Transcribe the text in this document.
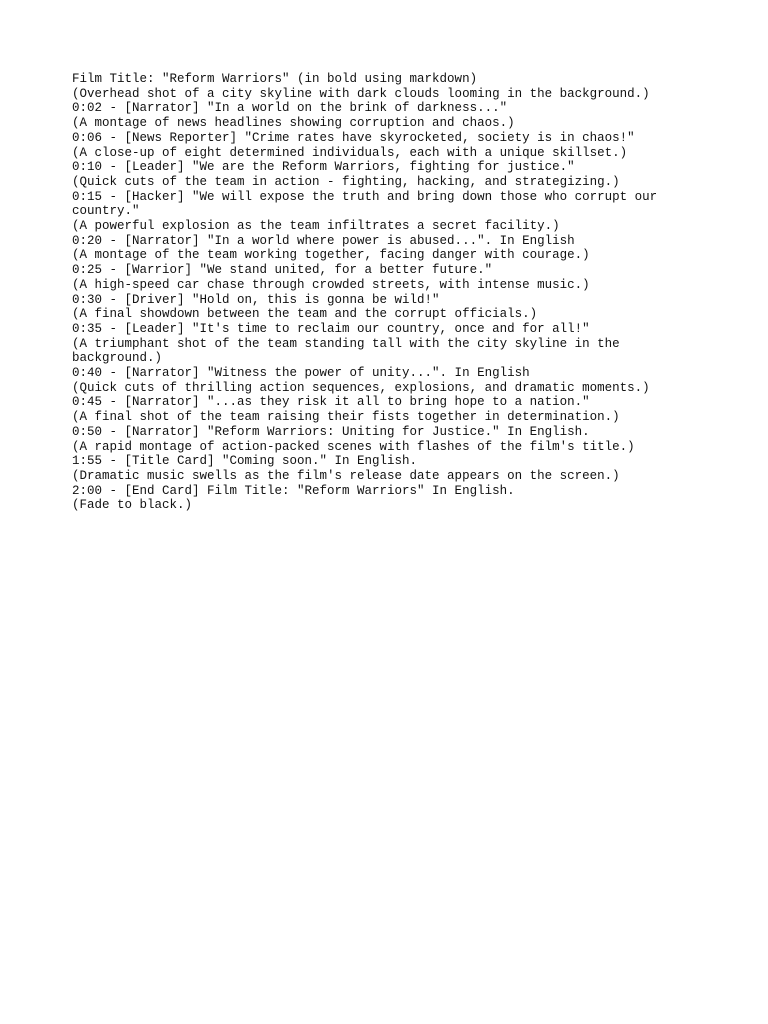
Film Title: "Reform Warriors" (in bold using markdown)

(Overhead shot of a city skyline with dark clouds looming in the background.)

0:02 - [Narrator] "In a world on the brink of darkness..."

(A montage of news headlines showing corruption and chaos.)

0:06 - [News Reporter] "Crime rates have skyrocketed, society is in chaos!"

(A close-up of eight determined individuals, each with a unique skillset.)

0:10 - [Leader] "We are the Reform Warriors, fighting for justice."

(Quick cuts of the team in action - fighting, hacking, and strategizing.)

0:15 - [Hacker] "We will expose the truth and bring down those who corrupt our country."

(A powerful explosion as the team infiltrates a secret facility.)

0:20 - [Narrator] "In a world where power is abused...". In English

(A montage of the team working together, facing danger with courage.)

0:25 - [Warrior] "We stand united, for a better future."

(A high-speed car chase through crowded streets, with intense music.)

0:30 - [Driver] "Hold on, this is gonna be wild!"

(A final showdown between the team and the corrupt officials.)

0:35 - [Leader] "It's time to reclaim our country, once and for all!"

(A triumphant shot of the team standing tall with the city skyline in the background.)

0:40 - [Narrator] "Witness the power of unity...". In English

(Quick cuts of thrilling action sequences, explosions, and dramatic moments.)

0:45 - [Narrator] "...as they risk it all to bring hope to a nation."

(A final shot of the team raising their fists together in determination.)

0:50 - [Narrator] "Reform Warriors: Uniting for Justice." In English.

(A rapid montage of action-packed scenes with flashes of the film's title.)

1:55 - [Title Card] "Coming soon." In English.

(Dramatic music swells as the film's release date appears on the screen.)

2:00 - [End Card] Film Title: "Reform Warriors" In English.

(Fade to black.)
